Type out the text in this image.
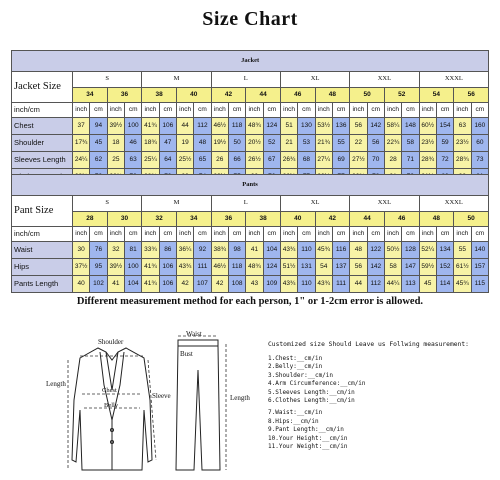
Size Chart
Jacket																								
Jacket Size	S				M				L				XL				XXL				XXXL			
	34		36		38		40		42		44		46		48		50		52		54		56	
inch/cm	inch	cm	inch	cm	inch	cm	inch	cm	inch	cm	inch	cm	inch	cm	inch	cm	inch	cm	inch	cm	inch	cm	inch	cm
Chest	37	94	39½	100	41¾	106	44	112	46½	118	48¾	124	51	130	53½	136	56	142	58¼	148	60½	154	63	160
Shoulder	17¾	45	18	46	18¾	47	19	48	19½	50	20½	52	21	53	21¾	55	22	56	22¾	58	23½	59	23½	60
Sleeves Length	24¼	62	25	63	25¼	64	25½	65	26	66	26½	67	26¾	68	27¼	69	27½	70	28	71	28¾	72	28¾	73

Pants																								
Pant Size	S				M				L				XL				XXL				XXXL			
	28		30		32		34		36		38		40		42		44		46		48		50	
inch/cm	inch	cm	inch	cm	inch	cm	inch	cm	inch	cm	inch	cm	inch	cm	inch	cm	inch	cm	inch	cm	inch	cm	inch	cm
Waist	30	76	32	81	33¾	86	36¼	92	38¾	98	41	104	43¾	110	45¾	116	48	122	50½	128	52¼	134	55	140
Hips	37½	95	39½	100	41¾	106	43¾	111	46½	118	48¾	124	51½	131	54	137	56	142	58	147	59½	152	61½	157
Pants Length	40	102	41	104	41¾	106	42	107	42	108	43	109	43¾	110	43¾	111	44	112	44¼	113	45	114	45¾	115
Different measurement method for each person, 1" or 1-2cm error is allowed.
Shoulder
Chest
Belly
Length
Sleeve
Waist
Bust
Length
Customized size Should Leave us Follwing measurement:
1.Chest:__cm/in
2.Belly:__cm/in
3.Shoulder:__cm/in
4.Arm Circumference:__cm/in
5.Sleeves Length:__cm/in
6.Clothes Length:__cm/in
7.Waist:__cm/in
8.Hips:__cm/in
9.Pant Length:__cm/in
10.Your Height:__cm/in
11.Your Weight:__cm/in
